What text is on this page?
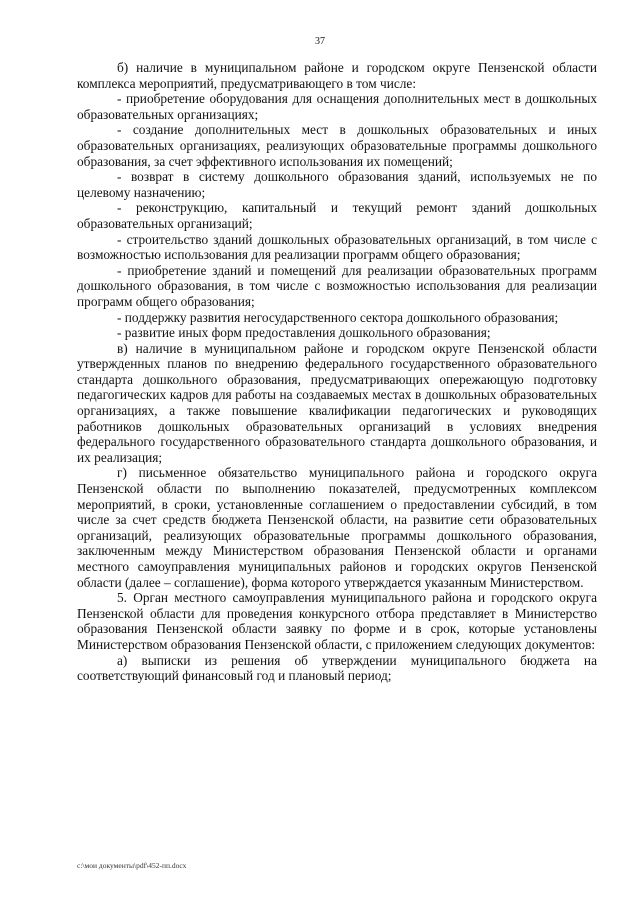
37

б) наличие в муниципальном районе и городском округе Пензенской области комплекса мероприятий, предусматривающего в том числе:

- приобретение оборудования для оснащения дополнительных мест в дошкольных образовательных организациях;

- создание дополнительных мест в дошкольных образовательных и иных образовательных организациях, реализующих образовательные программы дошкольного образования, за счет эффективного использования их помещений;

- возврат в систему дошкольного образования зданий, используемых не по целевому назначению;

- реконструкцию, капитальный и текущий ремонт зданий дошкольных образовательных организаций;

- строительство зданий дошкольных образовательных организаций, в том числе с возможностью использования для реализации программ общего образования;

- приобретение зданий и помещений для реализации образовательных программ дошкольного образования, в том числе с возможностью использования для реализации программ общего образования;

- поддержку развития негосударственного сектора дошкольного образования;

- развитие иных форм предоставления дошкольного образования;

в) наличие в муниципальном районе и городском округе Пензенской области утвержденных планов по внедрению федерального государственного образовательного стандарта дошкольного образования, предусматривающих опережающую подготовку педагогических кадров для работы на создаваемых местах в дошкольных образовательных организациях, а также повышение квалификации педагогических и руководящих работников дошкольных образовательных организаций в условиях внедрения федерального государственного образовательного стандарта дошкольного образования, и их реализация;

г) письменное обязательство муниципального района и городского округа Пензенской области по выполнению показателей, предусмотренных комплексом мероприятий, в сроки, установленные соглашением о предоставлении субсидий, в том числе за счет средств бюджета Пензенской области, на развитие сети образовательных организаций, реализующих образовательные программы дошкольного образования, заключенным между Министерством образования Пензенской области и органами местного самоуправления муниципальных районов и городских округов Пензенской области (далее – соглашение), форма которого утверждается указанным Министерством.

5. Орган местного самоуправления муниципального района и городского округа Пензенской области для проведения конкурсного отбора представляет в Министерство образования Пензенской области заявку по форме и в срок, которые установлены Министерством образования Пензенской области, с приложением следующих документов:

а) выписки из решения об утверждении муниципального бюджета на соответствующий финансовый год и плановый период;

c:\мои документы\pdf\452-пп.docx
